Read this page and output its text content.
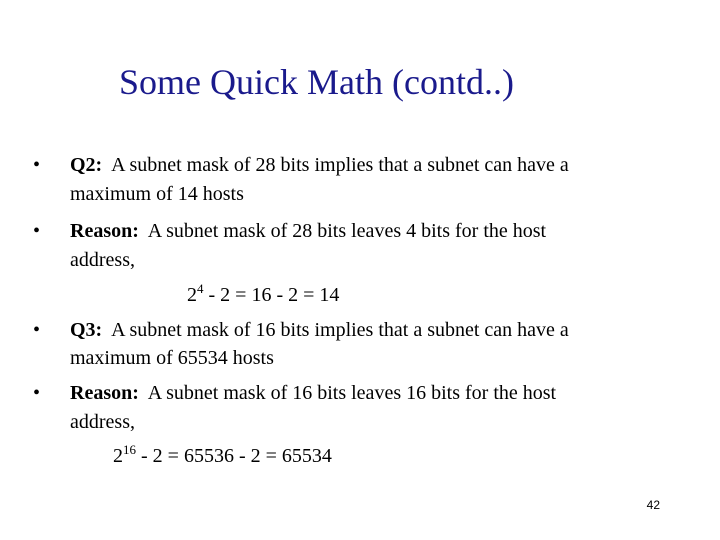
Some Quick Math (contd..)
• Q2: A subnet mask of 28 bits implies that a subnet can have a
maximum of 14 hosts
• Reason: A subnet mask of 28 bits leaves 4 bits for the host
address,
$2^4 - 2 = 16 - 2 = 14$
• Q3: A subnet mask of 16 bits implies that a subnet can have a
maximum of 65534 hosts
• Reason: A subnet mask of 16 bits leaves 16 bits for the host
address,
$2^{16} - 2 = 65536 - 2 = 65534$
42
